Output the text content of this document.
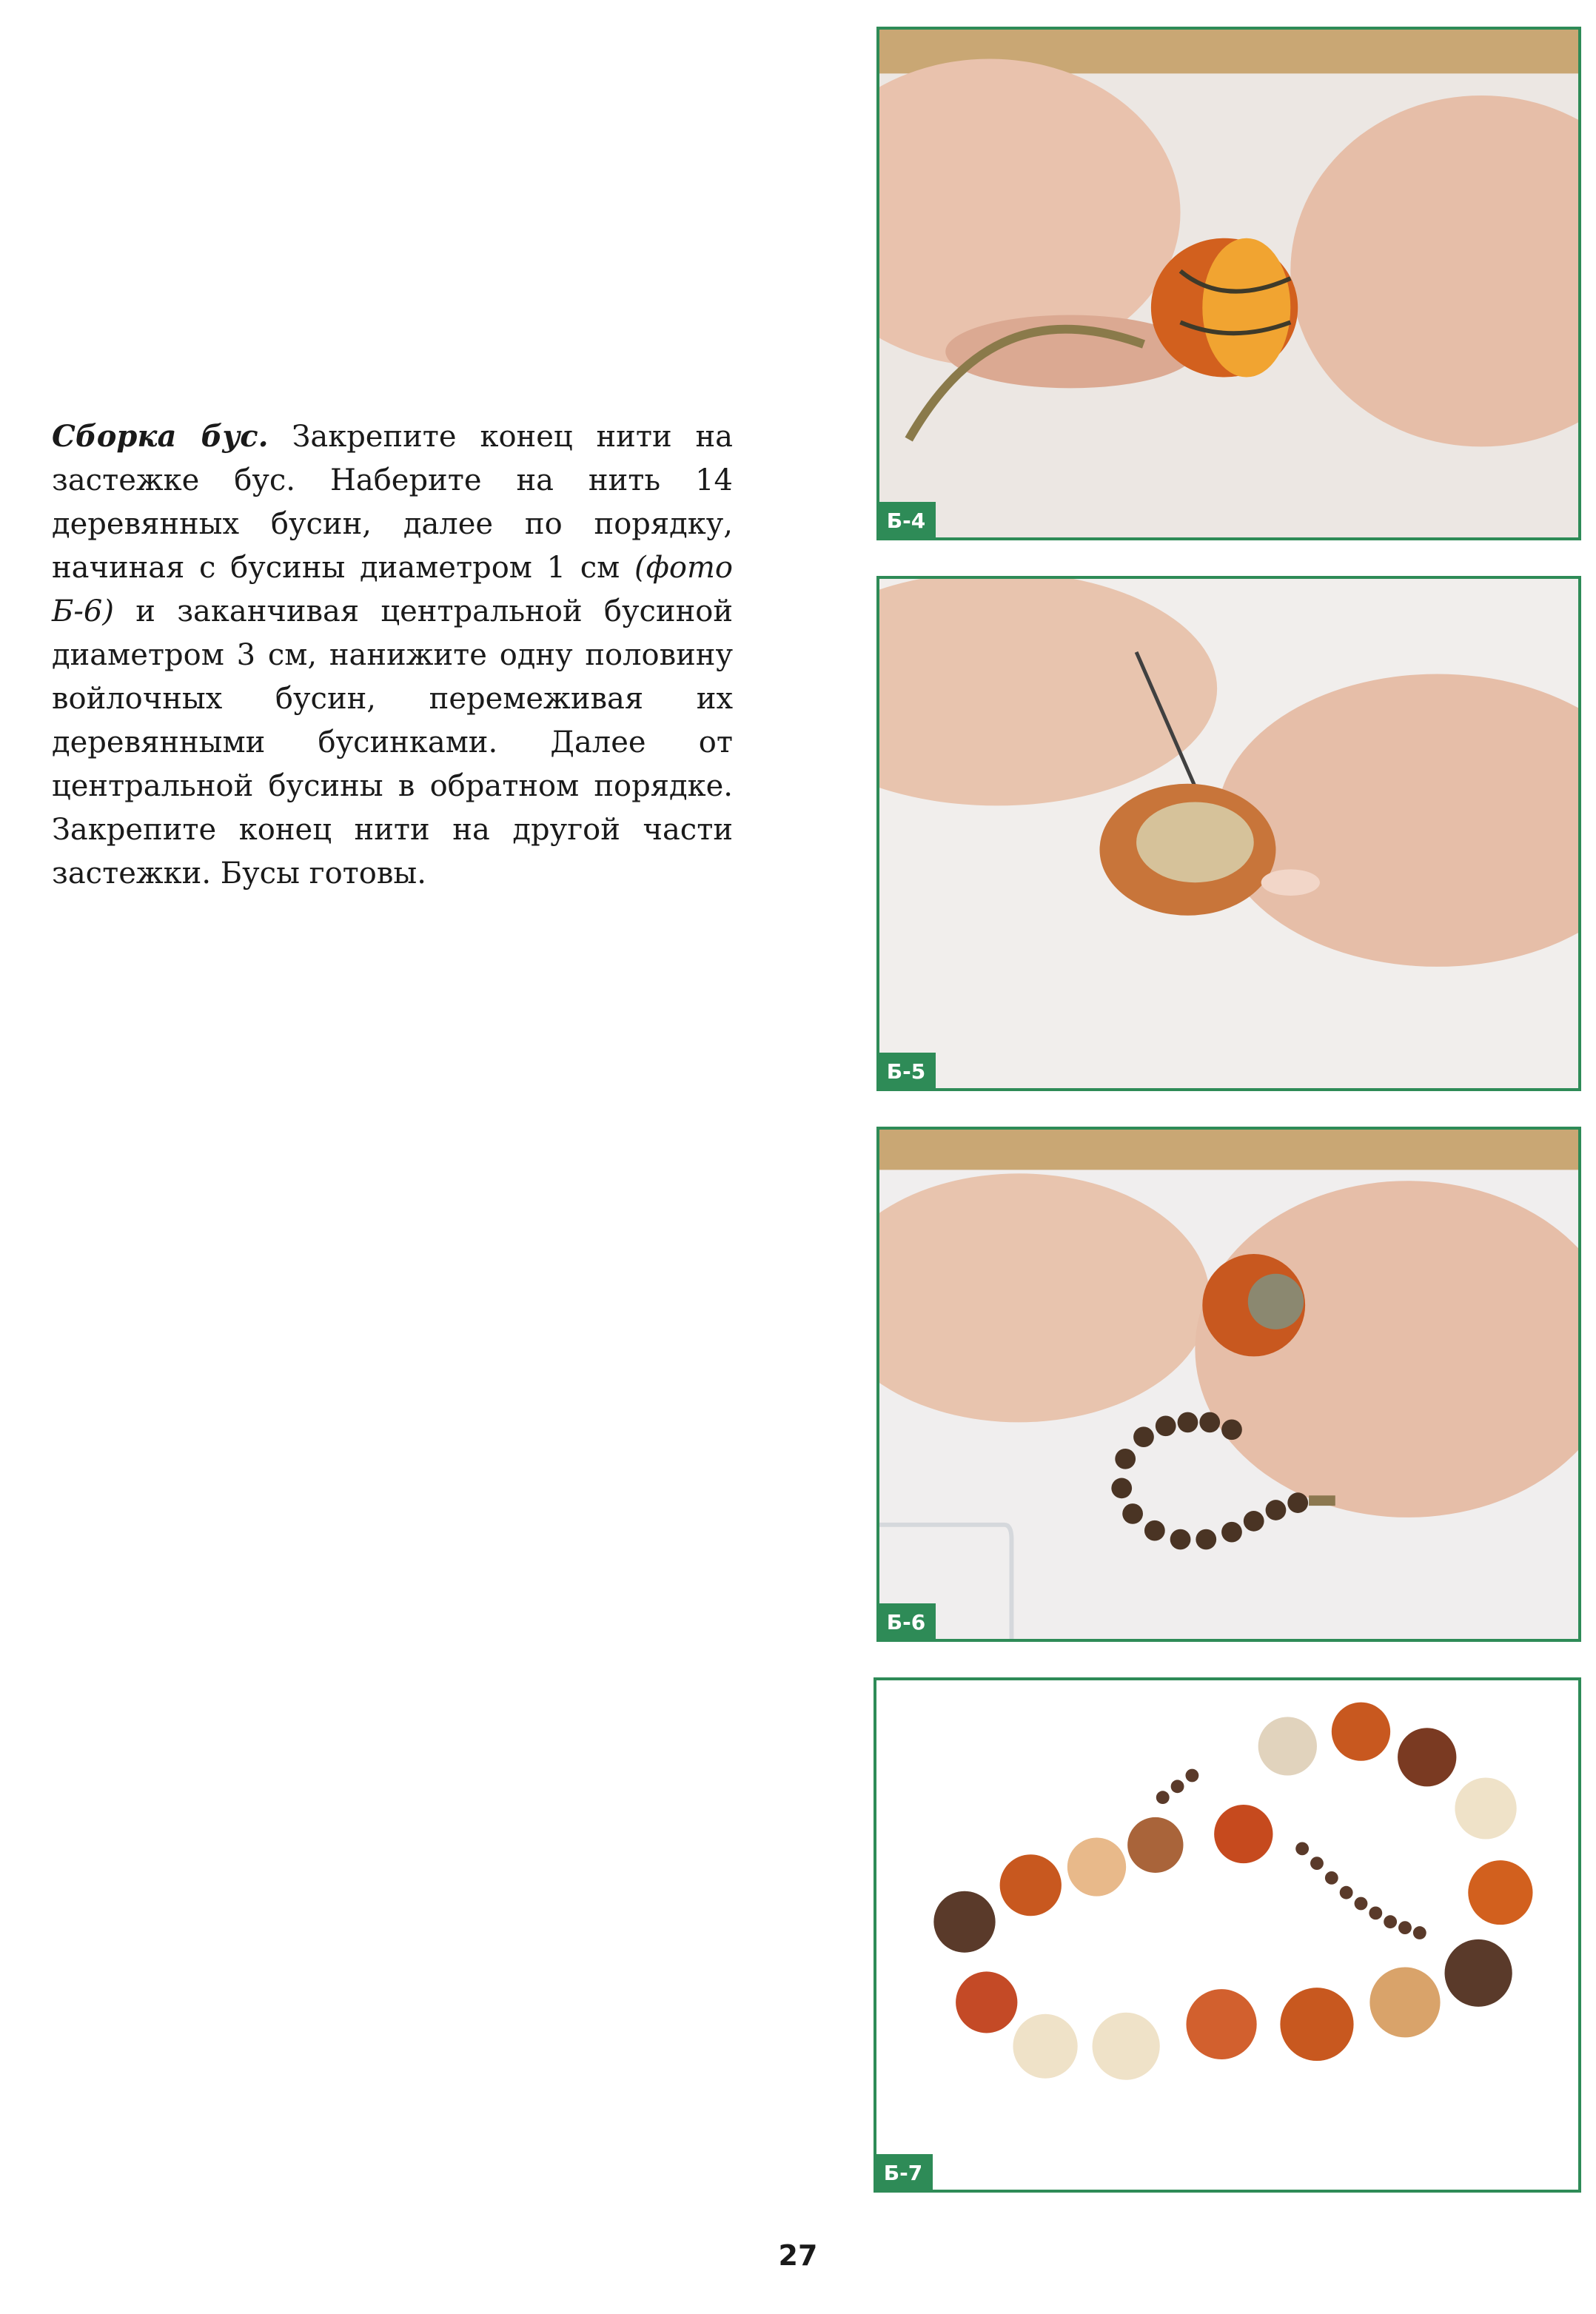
Сборка бус. Закрепите конец нити на застежке бус. Наберите на нить 14 деревянных бусин, далее по порядку, начиная с бусины диаметром 1 см (фото Б-6) и заканчивая центральной бусиной диаметром 3 см, нанижите одну половину войлочных бусин, перемеживая их деревянными бусинками. Далее от центральной бусины в обратном порядке. Закрепите конец нити на другой части застежки. Бусы готовы.
Б-4
Б-5
Б-6
Б-7
27
